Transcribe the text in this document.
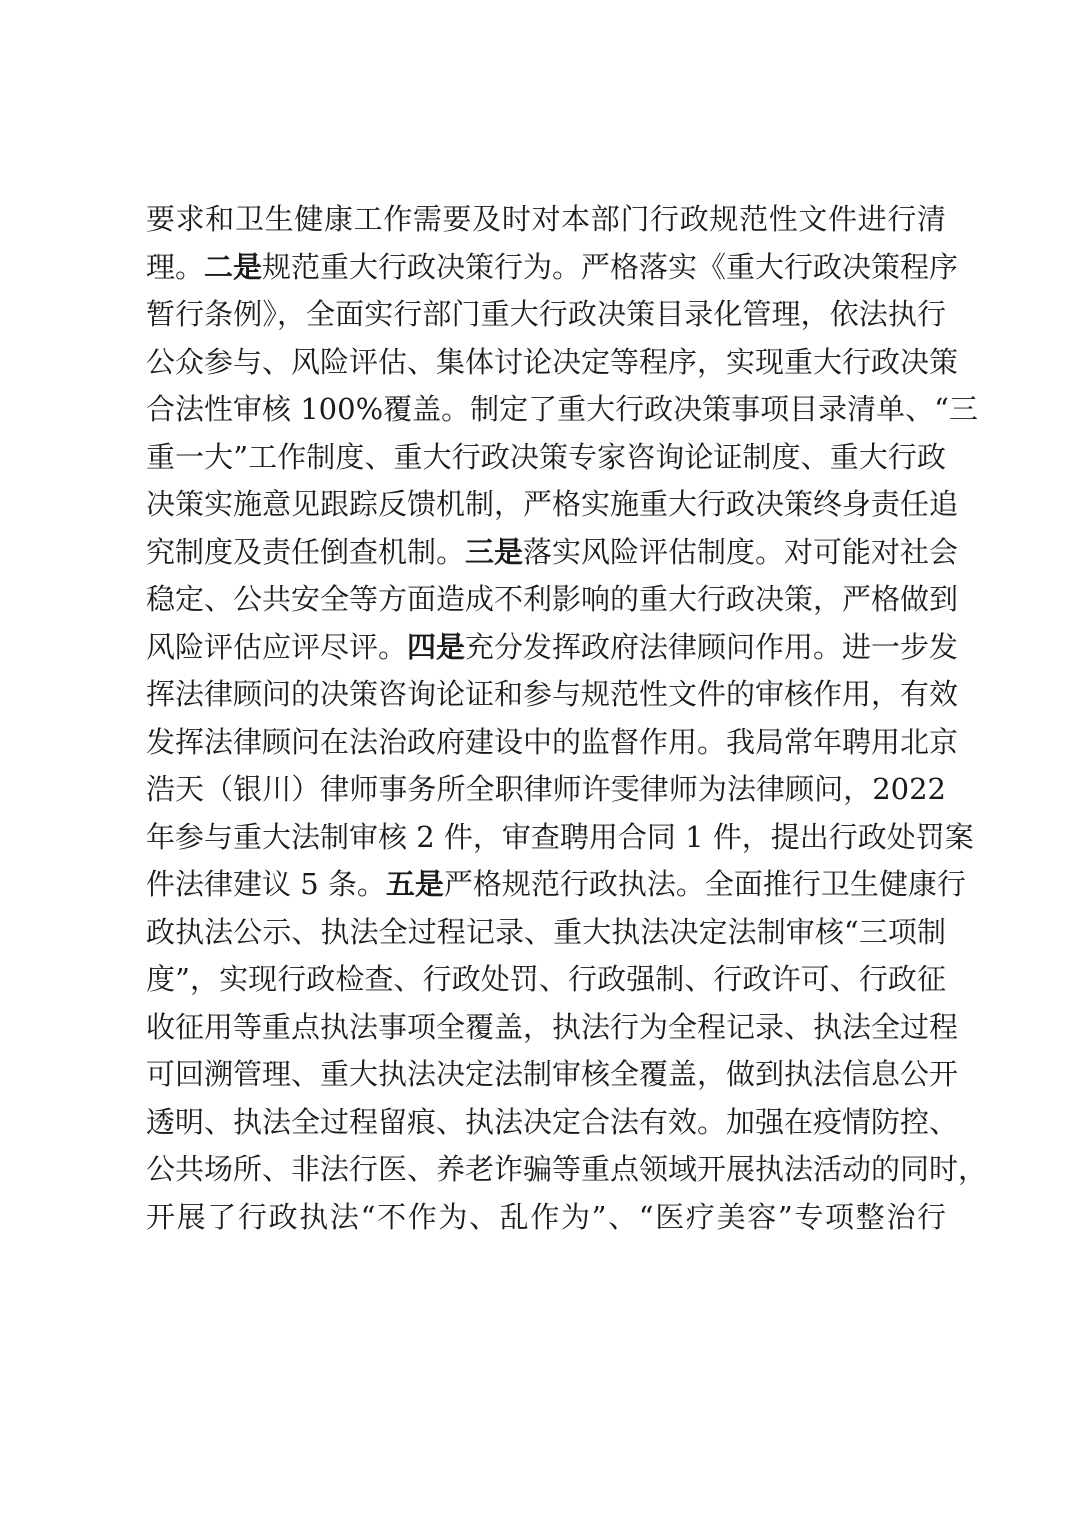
要求和卫生健康工作需要及时对本部门行政规范性文件进行清
理。二是规范重大行政决策行为。严格落实《重大行政决策程序
暂行条例》，全面实行部门重大行政决策目录化管理，依法执行
公众参与、风险评估、集体讨论决定等程序，实现重大行政决策
合法性审核 100%覆盖。制定了重大行政决策事项目录清单、“三
重一大”工作制度、重大行政决策专家咨询论证制度、重大行政
决策实施意见跟踪反馈机制，严格实施重大行政决策终身责任追
究制度及责任倒查机制。三是落实风险评估制度。对可能对社会
稳定、公共安全等方面造成不利影响的重大行政决策，严格做到
风险评估应评尽评。四是充分发挥政府法律顾问作用。进一步发
挥法律顾问的决策咨询论证和参与规范性文件的审核作用，有效
发挥法律顾问在法治政府建设中的监督作用。我局常年聘用北京
浩天（银川）律师事务所全职律师许雯律师为法律顾问，2022
年参与重大法制审核 2 件，审查聘用合同 1 件，提出行政处罚案
件法律建议 5 条。五是严格规范行政执法。全面推行卫生健康行
政执法公示、执法全过程记录、重大执法决定法制审核“三项制
度”，实现行政检查、行政处罚、行政强制、行政许可、行政征
收征用等重点执法事项全覆盖，执法行为全程记录、执法全过程
可回溯管理、重大执法决定法制审核全覆盖，做到执法信息公开
透明、执法全过程留痕、执法决定合法有效。加强在疫情防控、
公共场所、非法行医、养老诈骗等重点领域开展执法活动的同时，
开展了行政执法“不作为、乱作为”、“医疗美容”专项整治行
